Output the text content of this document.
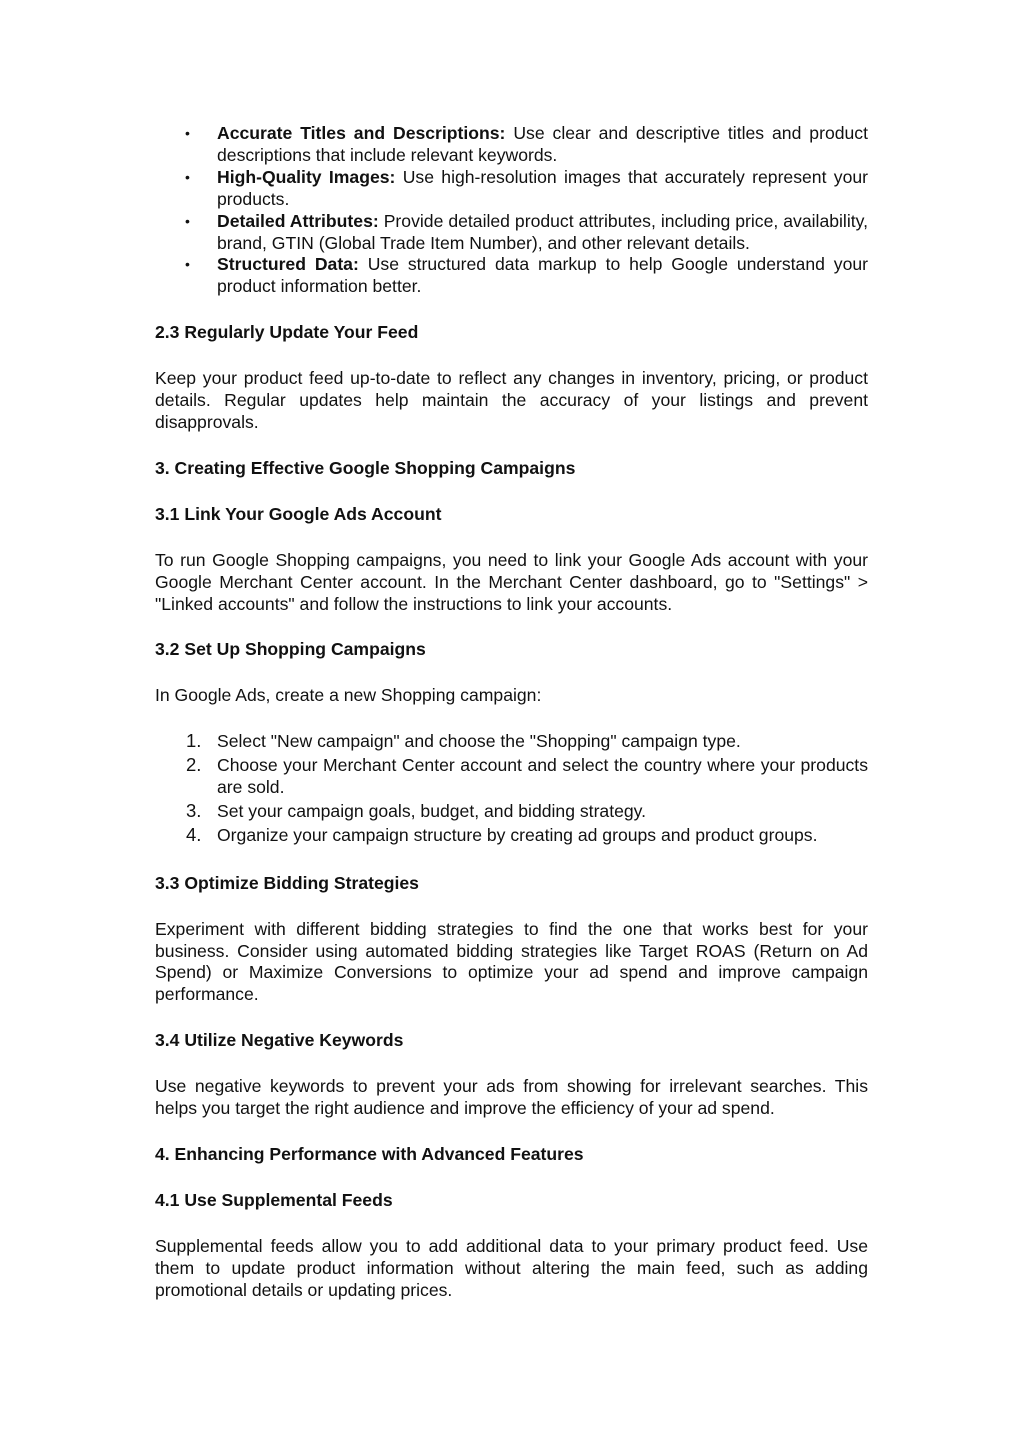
• Accurate Titles and Descriptions: Use clear and descriptive titles and product descriptions that include relevant keywords.
• High-Quality Images: Use high-resolution images that accurately represent your products.
• Detailed Attributes: Provide detailed product attributes, including price, availability, brand, GTIN (Global Trade Item Number), and other relevant details.
• Structured Data: Use structured data markup to help Google understand your product information better.

2.3 Regularly Update Your Feed

Keep your product feed up-to-date to reflect any changes in inventory, pricing, or product details. Regular updates help maintain the accuracy of your listings and prevent disapprovals.

3. Creating Effective Google Shopping Campaigns

3.1 Link Your Google Ads Account

To run Google Shopping campaigns, you need to link your Google Ads account with your Google Merchant Center account. In the Merchant Center dashboard, go to "Settings" > "Linked accounts" and follow the instructions to link your accounts.

3.2 Set Up Shopping Campaigns

In Google Ads, create a new Shopping campaign:

1. Select "New campaign" and choose the "Shopping" campaign type.
2. Choose your Merchant Center account and select the country where your products are sold.
3. Set your campaign goals, budget, and bidding strategy.
4. Organize your campaign structure by creating ad groups and product groups.

3.3 Optimize Bidding Strategies

Experiment with different bidding strategies to find the one that works best for your business. Consider using automated bidding strategies like Target ROAS (Return on Ad Spend) or Maximize Conversions to optimize your ad spend and improve campaign performance.

3.4 Utilize Negative Keywords

Use negative keywords to prevent your ads from showing for irrelevant searches. This helps you target the right audience and improve the efficiency of your ad spend.

4. Enhancing Performance with Advanced Features

4.1 Use Supplemental Feeds

Supplemental feeds allow you to add additional data to your primary product feed. Use them to update product information without altering the main feed, such as adding promotional details or updating prices.
